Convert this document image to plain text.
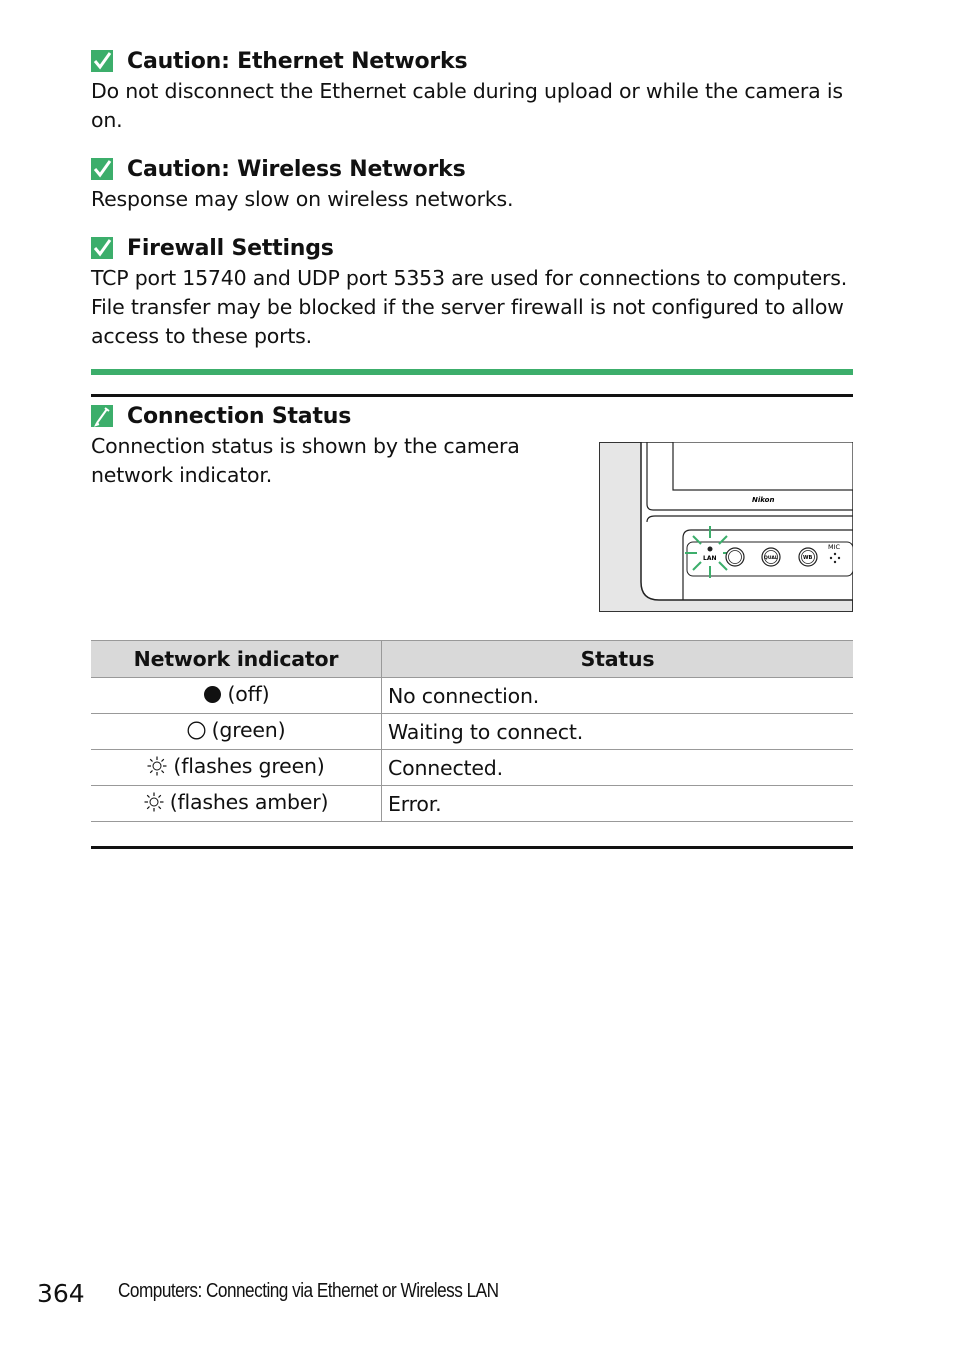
Caution: Ethernet Networks
Do not disconnect the Ethernet cable during upload or while the camera is on.
Caution: Wireless Networks
Response may slow on wireless networks.
Firewall Settings
TCP port 15740 and UDP port 5353 are used for connections to computers. File transfer may be blocked if the server firewall is not configured to allow access to these ports.
Connection Status
Connection status is shown by the camera network indicator.
Nikon
LAN	QUAL	WB
MIC
Network indicator	Status

(off)	No connection.

(green)	Waiting to connect.

(flashes green)	Connected.

(flashes amber)	Error.
364 Computers: Connecting via Ethernet or Wireless LAN
